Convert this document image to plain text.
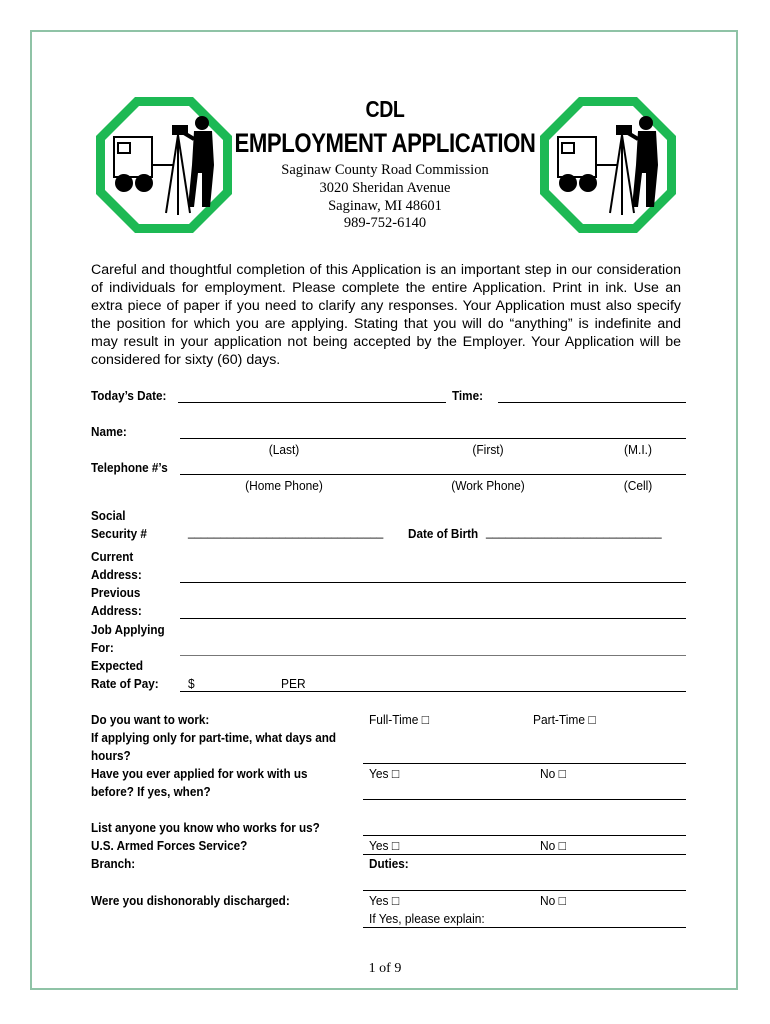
CDL
EMPLOYMENT APPLICATION
Saginaw County Road Commission
3020 Sheridan Avenue
Saginaw, MI 48601
989-752-6140
Careful and thoughtful completion of this Application is an important step in our consideration of individuals for employment. Please complete the entire Application. Print in ink. Use an extra piece of paper if you need to clarify any responses. Your Application must also specify the position for which you are applying. Stating that you will do “anything” is indefinite and may result in your application not being accepted by the Employer. Your Application will be considered for sixty (60) days.
Today’s Date:	Time:
Name:
(Last)	(First)	(M.I.)
Telephone #’s
(Home Phone)	(Work Phone)	(Cell)
Social
Security #	______________________________ Date of Birth ___________________________
Current
Address:
Previous
Address:
Job Applying
For:
Expected
Rate of Pay: $	PER
Do you want to work:	Full-Time □	Part-Time □
If applying only for part-time, what days and
hours?
Have you ever applied for work with us
before? If yes, when?
Yes □	No □
List anyone you know who works for us?
U.S. Armed Forces Service?	Yes □	No □
Branch:	Duties:
Were you dishonorably discharged:	Yes □	No □
If Yes, please explain:
1 of 9
